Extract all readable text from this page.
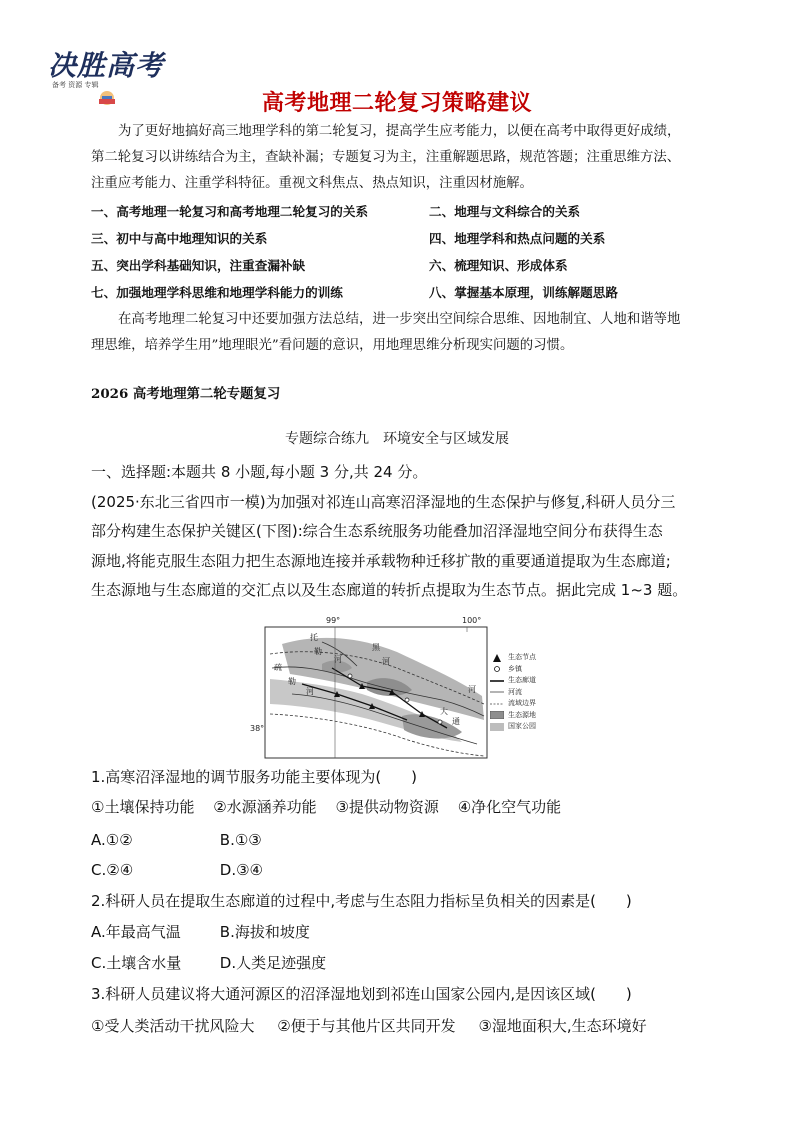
决胜高考
备考 资源 专辑
高考地理二轮复习策略建议
为了更好地搞好高三地理学科的第二轮复习，提高学生应考能力，以便在高考中取得更好成绩，
第二轮复习以讲练结合为主，查缺补漏；专题复习为主，注重解题思路，规范答题；注重思维方法、
注重应考能力、注重学科特征。重视文科焦点、热点知识，注重因材施解。
一、高考地理一轮复习和高考地理二轮复习的关系	二、地理与文科综合的关系
三、初中与高中地理知识的关系	四、地理学科和热点问题的关系
五、突出学科基础知识，注重查漏补缺	六、梳理知识、形成体系
七、加强地理学科思维和地理学科能力的训练	八、掌握基本原理，训练解题思路
在高考地理二轮复习中还要加强方法总结，进一步突出空间综合思维、因地制宜、人地和谐等地
理思维，培养学生用”地理眼光”看问题的意识，用地理思维分析现实问题的习惯。
2026 高考地理第二轮专题复习
专题综合练九　环境安全与区域发展
一、选择题:本题共 8 小题,每小题 3 分,共 24 分。
(2025·东北三省四市一模)为加强对祁连山高寒沼泽湿地的生态保护与修复,科研人员分三
部分构建生态保护关键区(下图):综合生态系统服务功能叠加沼泽湿地空间分布获得生态
源地,将能克服生态阻力把生态源地连接并承载物种迁移扩散的重要通道提取为生态廊道;
生态源地与生态廊道的交汇点以及生态廊道的转折点提取为生态节点。据此完成 1~3 题。
99°	100°
38°
托
勒
河
疏
勒
河
黑
河
大
通
河
生态节点
乡镇
生态廊道
河流
流域边界
生态源地
国家公园
1.高寒沼泽湿地的调节服务功能主要体现为(　　)
①土壤保持功能 ②水源涵养功能 ③提供动物资源 ④净化空气功能
A.①②	B.①③
C.②④	D.③④
2.科研人员在提取生态廊道的过程中,考虑与生态阻力指标呈负相关的因素是(　　)
A.年最高气温	B.海拔和坡度
C.土壤含水量	D.人类足迹强度
3.科研人员建议将大通河源区的沼泽湿地划到祁连山国家公园内,是因该区域(　　)
①受人类活动干扰风险大 ②便于与其他片区共同开发 ③湿地面积大,生态环境好
